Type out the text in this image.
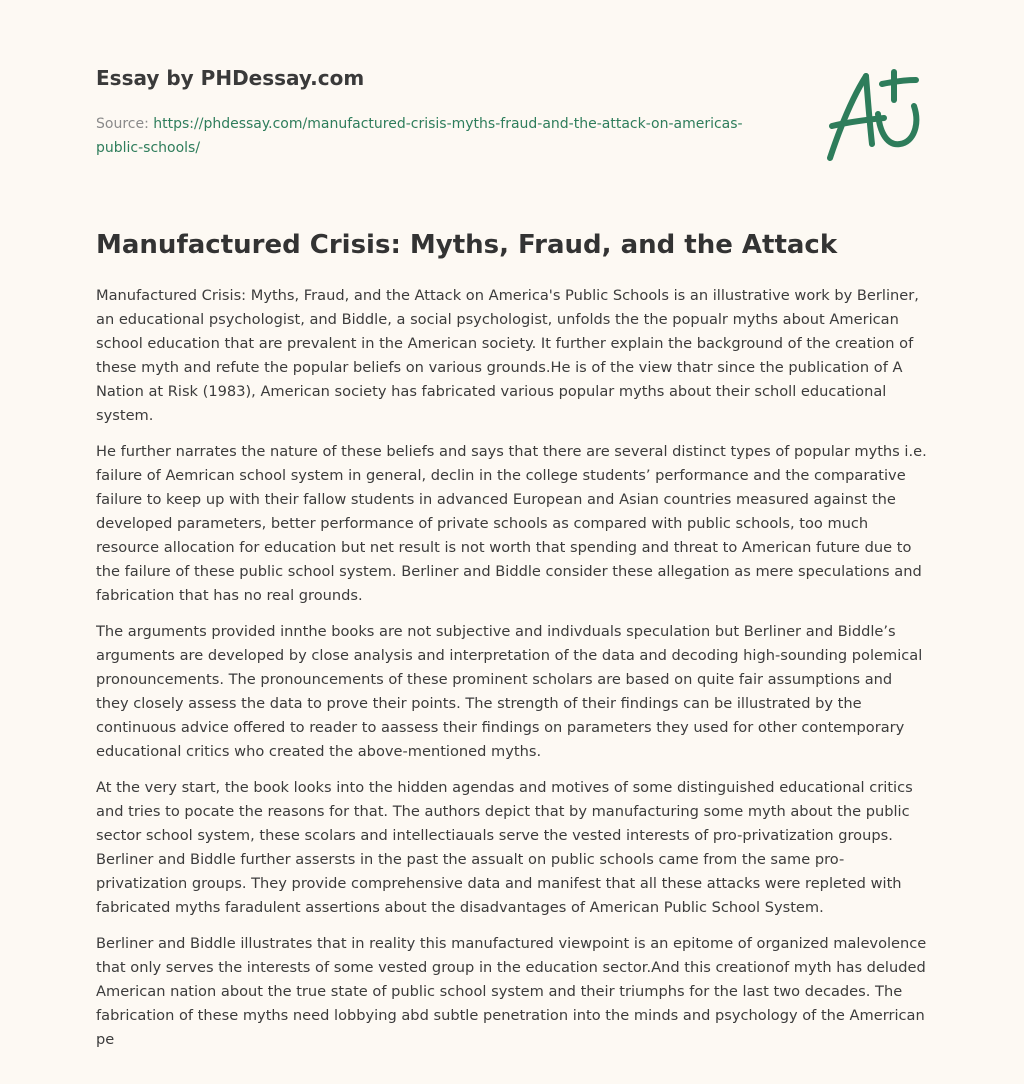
Essay by PHDessay.com
Source: https://phdessay.com/manufactured-crisis-myths-fraud-and-the-attack-on-americas-public-schools/
Manufactured Crisis: Myths, Fraud, and the Attack

Manufactured Crisis: Myths, Fraud, and the Attack on America's Public Schools is an illustrative work by Berliner, an educational psychologist, and Biddle, a social psychologist, unfolds the the popualr myths about American school education that are prevalent in the American society. It further explain the background of the creation of these myth and refute the popular beliefs on various grounds.He is of the view thatr since the publication of A Nation at Risk (1983), American society has fabricated various popular myths about their scholl educational system.

He further narrates the nature of these beliefs and says that there are several distinct types of popular myths i.e. failure of Aemrican school system in general, declin in the college students’ performance and the comparative failure to keep up with their fallow students in advanced European and Asian countries measured against the developed parameters, better performance of private schools as compared with public schools, too much resource allocation for education but net result is not worth that spending and threat to American future due to the failure of these public school system. Berliner and Biddle consider these allegation as mere speculations and fabrication that has no real grounds.

The arguments provided innthe books are not subjective and indivduals speculation but Berliner and Biddle’s arguments are developed by close analysis and interpretation of the data and decoding high-sounding polemical pronouncements. The pronouncements of these prominent scholars are based on quite fair assumptions and they closely assess the data to prove their points. The strength of their findings can be illustrated by the continuous advice offered to reader to aassess their findings on parameters they used for other contemporary educational critics who created the above-mentioned myths.

At the very start, the book looks into the hidden agendas and motives of some distinguished educational critics and tries to pocate the reasons for that. The authors depict that by manufacturing some myth about the public sector school system, these scolars and intellectiauals serve the vested interests of pro-privatization groups. Berliner and Biddle further assersts in the past the assualt on public schools came from the same pro-privatization groups. They provide comprehensive data and manifest that all these attacks were repleted with fabricated myths faradulent assertions about the disadvantages of American Public School System.

Berliner and Biddle illustrates that in reality this manufactured viewpoint is an epitome of organized malevolence that only serves the interests of some vested group in the education sector.And this creationof myth has deluded American nation about the true state of public school system and their triumphs for the last two decades. The fabrication of these myths need lobbying abd subtle penetration into the minds and psychology of the Amerrican pe
